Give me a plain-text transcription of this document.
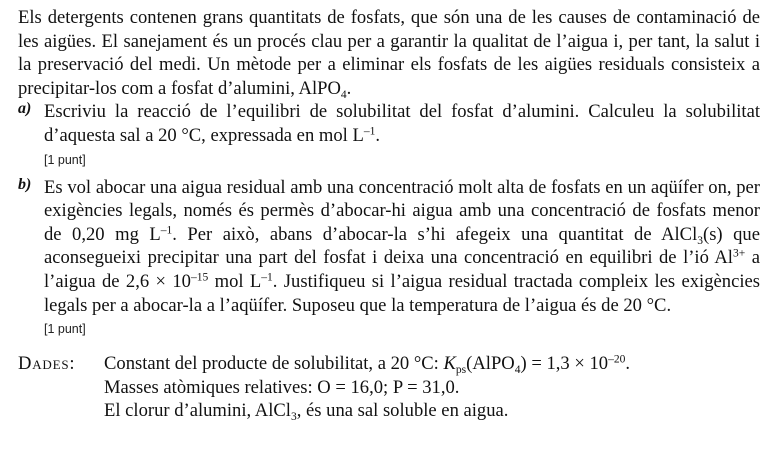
Els detergents contenen grans quantitats de fosfats, que són una de les causes de contaminació de les aigües. El sanejament és un procés clau per a garantir la qualitat de l’aigua i, per tant, la salut i la preservació del medi. Un mètode per a eliminar els fosfats de les aigües residuals consisteix a precipitar-los com a fosfat d’alumini, AlPO$_4$.

a) Escriviu la reacció de l’equilibri de solubilitat del fosfat d’alumini. Calculeu la solubilitat d’aquesta sal a 20 °C, expressada en mol $L^{-1}$.

[1 punt]
b) Es vol abocar una aigua residual amb una concentració molt alta de fosfats en un aqüífer on, per exigències legals, només és permès d’abocar-hi aigua amb una concentració de fosfats menor de 0,20 mg $L^{-1}$. Per això, abans d’abocar-la s’hi afegeix una quantitat de AlCl$_3$(s) que aconsegueixi precipitar una part del fosfat i deixa una concentració en equilibri de l’ió $Al^{3+}$ a l’aigua de $2,6 \times 10^{-15}$ mol $L^{-1}$. Justifiqueu si l’aigua residual tractada compleix les exigències legals per a abocar-la a l’aqüífer. Suposeu que la temperatura de l’aigua és de 20 °C.

[1 punt]
Dades:	Constant del producte de solubilitat, a 20 °C: $K_{ps}(AlPO_4) = 1,3 \times 10^{-20}$.
Masses atòmiques relatives: O = 16,0; P = 31,0.
El clorur d’alumini, AlCl$_3$, és una sal soluble en aigua.
